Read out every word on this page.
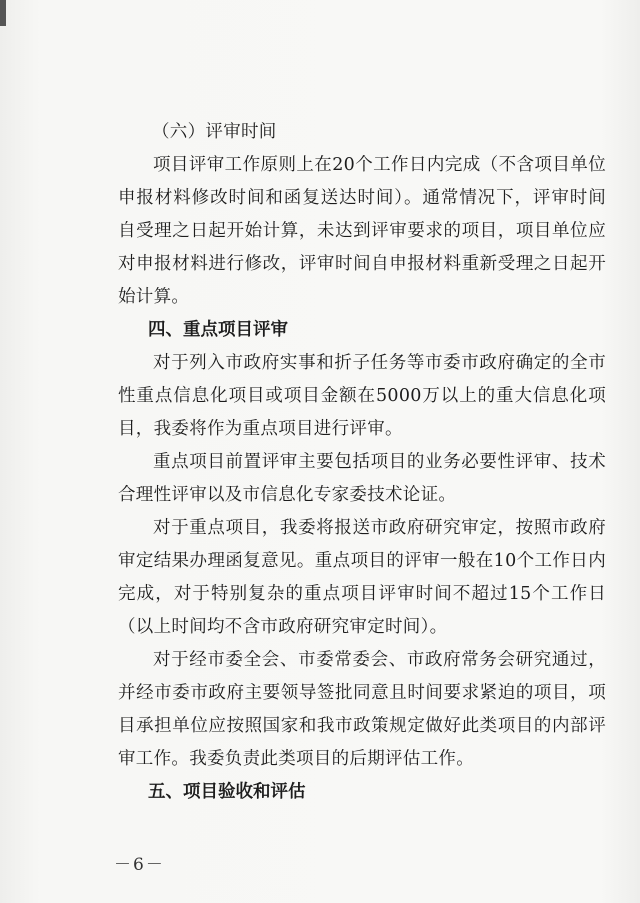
（六）评审时间

项目评审工作原则上在20个工作日内完成（不含项目单位申报材料修改时间和函复送达时间）。通常情况下，评审时间自受理之日起开始计算，未达到评审要求的项目，项目单位应对申报材料进行修改，评审时间自申报材料重新受理之日起开始计算。

四、重点项目评审

对于列入市政府实事和折子任务等市委市政府确定的全市性重点信息化项目或项目金额在5000万以上的重大信息化项目，我委将作为重点项目进行评审。

重点项目前置评审主要包括项目的业务必要性评审、技术合理性评审以及市信息化专家委技术论证。

对于重点项目，我委将报送市政府研究审定，按照市政府审定结果办理函复意见。重点项目的评审一般在10个工作日内完成，对于特别复杂的重点项目评审时间不超过15个工作日（以上时间均不含市政府研究审定时间）。

对于经市委全会、市委常委会、市政府常务会研究通过，并经市委市政府主要领导签批同意且时间要求紧迫的项目，项目承担单位应按照国家和我市政策规定做好此类项目的内部评审工作。我委负责此类项目的后期评估工作。

五、项目验收和评估
－6－
